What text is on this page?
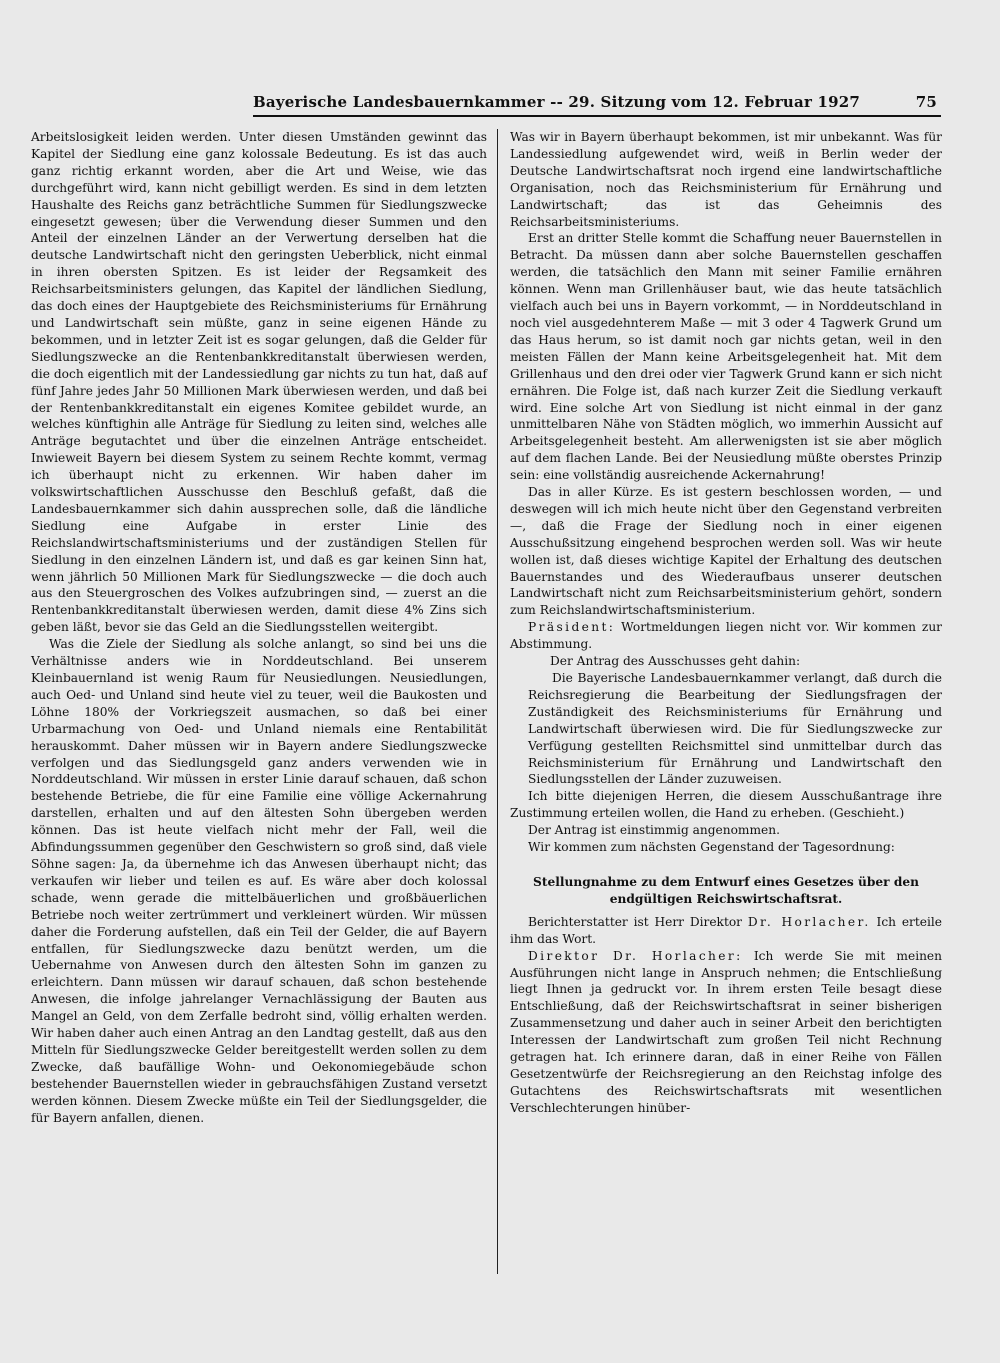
Bayerische Landesbauernkammer -- 29. Sitzung vom 12. Februar 1927	75

Arbeitslosigkeit leiden werden. Unter diesen Umständen gewinnt das Kapitel der Siedlung eine ganz kolossale Bedeutung. Es ist das auch ganz richtig erkannt worden, aber die Art und Weise, wie das durchgeführt wird, kann nicht gebilligt werden. Es sind in dem letzten Haushalte des Reichs ganz beträchtliche Summen für Siedlungszwecke eingesetzt gewesen; über die Verwendung dieser Summen und den Anteil der einzelnen Länder an der Verwertung derselben hat die deutsche Landwirtschaft nicht den geringsten Ueberblick, nicht einmal in ihren obersten Spitzen. Es ist leider der Regsamkeit des Reichsarbeitsministers gelungen, das Kapitel der ländlichen Siedlung, das doch eines der Hauptgebiete des Reichsministeriums für Ernährung und Landwirtschaft sein müßte, ganz in seine eigenen Hände zu bekommen, und in letzter Zeit ist es sogar gelungen, daß die Gelder für Siedlungszwecke an die Rentenbankkreditanstalt überwiesen werden, die doch eigentlich mit der Landessiedlung gar nichts zu tun hat, daß auf fünf Jahre jedes Jahr 50 Millionen Mark überwiesen werden, und daß bei der Rentenbankkreditanstalt ein eigenes Komitee gebildet wurde, an welches künftighin alle Anträge für Siedlung zu leiten sind, welches alle Anträge begutachtet und über die einzelnen Anträge entscheidet. Inwieweit Bayern bei diesem System zu seinem Rechte kommt, vermag ich überhaupt nicht zu erkennen. Wir haben daher im volkswirtschaftlichen Ausschusse den Beschluß gefaßt, daß die Landesbauernkammer sich dahin aussprechen solle, daß die ländliche Siedlung eine Aufgabe in erster Linie des Reichslandwirtschaftsministeriums und der zuständigen Stellen für Siedlung in den einzelnen Ländern ist, und daß es gar keinen Sinn hat, wenn jährlich 50 Millionen Mark für Siedlungszwecke — die doch auch aus den Steuergroschen des Volkes aufzubringen sind, — zuerst an die Rentenbankkreditanstalt überwiesen werden, damit diese 4% Zins sich geben läßt, bevor sie das Geld an die Siedlungsstellen weitergibt.

Was die Ziele der Siedlung als solche anlangt, so sind bei uns die Verhältnisse anders wie in Norddeutschland. Bei unserem Kleinbauernland ist wenig Raum für Neusiedlungen. Neusiedlungen, auch Oed- und Unland sind heute viel zu teuer, weil die Baukosten und Löhne 180% der Vorkriegszeit ausmachen, so daß bei einer Urbarmachung von Oed- und Unland niemals eine Rentabilität herauskommt. Daher müssen wir in Bayern andere Siedlungszwecke verfolgen und das Siedlungsgeld ganz anders verwenden wie in Norddeutschland. Wir müssen in erster Linie darauf schauen, daß schon bestehende Betriebe, die für eine Familie eine völlige Ackernahrung darstellen, erhalten und auf den ältesten Sohn übergeben werden können. Das ist heute vielfach nicht mehr der Fall, weil die Abfindungssummen gegenüber den Geschwistern so groß sind, daß viele Söhne sagen: Ja, da übernehme ich das Anwesen überhaupt nicht; das verkaufen wir lieber und teilen es auf. Es wäre aber doch kolossal schade, wenn gerade die mittelbäuerlichen und großbäuerlichen Betriebe noch weiter zertrümmert und verkleinert würden. Wir müssen daher die Forderung aufstellen, daß ein Teil der Gelder, die auf Bayern entfallen, für Siedlungszwecke dazu benützt werden, um die Uebernahme von Anwesen durch den ältesten Sohn im ganzen zu erleichtern. Dann müssen wir darauf schauen, daß schon bestehende Anwesen, die infolge jahrelanger Vernachlässigung der Bauten aus Mangel an Geld, von dem Zerfalle bedroht sind, völlig erhalten werden. Wir haben daher auch einen Antrag an den Landtag gestellt, daß aus den Mitteln für Siedlungszwecke Gelder bereitgestellt werden sollen zu dem Zwecke, daß baufällige Wohn- und Oekonomiegebäude schon bestehender Bauernstellen wieder in gebrauchsfähigen Zustand versetzt werden können. Diesem Zwecke müßte ein Teil der Siedlungsgelder, die für Bayern anfallen, dienen.

Was wir in Bayern überhaupt bekommen, ist mir unbekannt. Was für Landessiedlung aufgewendet wird, weiß in Berlin weder der Deutsche Landwirtschaftsrat noch irgend eine landwirtschaftliche Organisation, noch das Reichsministerium für Ernährung und Landwirtschaft; das ist das Geheimnis des Reichsarbeitsministeriums.

Erst an dritter Stelle kommt die Schaffung neuer Bauernstellen in Betracht. Da müssen dann aber solche Bauernstellen geschaffen werden, die tatsächlich den Mann mit seiner Familie ernähren können. Wenn man Grillenhäuser baut, wie das heute tatsächlich vielfach auch bei uns in Bayern vorkommt, — in Norddeutschland in noch viel ausgedehnterem Maße — mit 3 oder 4 Tagwerk Grund um das Haus herum, so ist damit noch gar nichts getan, weil in den meisten Fällen der Mann keine Arbeitsgelegenheit hat. Mit dem Grillenhaus und den drei oder vier Tagwerk Grund kann er sich nicht ernähren. Die Folge ist, daß nach kurzer Zeit die Siedlung verkauft wird. Eine solche Art von Siedlung ist nicht einmal in der ganz unmittelbaren Nähe von Städten möglich, wo immerhin Aussicht auf Arbeitsgelegenheit besteht. Am allerwenigsten ist sie aber möglich auf dem flachen Lande. Bei der Neusiedlung müßte oberstes Prinzip sein: eine vollständig ausreichende Ackernahrung!

Das in aller Kürze. Es ist gestern beschlossen worden, — und deswegen will ich mich heute nicht über den Gegenstand verbreiten —, daß die Frage der Siedlung noch in einer eigenen Ausschußsitzung eingehend besprochen werden soll. Was wir heute wollen ist, daß dieses wichtige Kapitel der Erhaltung des deutschen Bauernstandes und des Wiederaufbaus unserer deutschen Landwirtschaft nicht zum Reichsarbeitsministerium gehört, sondern zum Reichslandwirtschaftsministerium.

Präsident: Wortmeldungen liegen nicht vor. Wir kommen zur Abstimmung.

Der Antrag des Ausschusses geht dahin:

Die Bayerische Landesbauernkammer verlangt, daß durch die Reichsregierung die Bearbeitung der Siedlungsfragen der Zuständigkeit des Reichsministeriums für Ernährung und Landwirtschaft überwiesen wird. Die für Siedlungszwecke zur Verfügung gestellten Reichsmittel sind unmittelbar durch das Reichsministerium für Ernährung und Landwirtschaft den Siedlungsstellen der Länder zuzuweisen.

Ich bitte diejenigen Herren, die diesem Ausschußantrage ihre Zustimmung erteilen wollen, die Hand zu erheben. (Geschieht.)

Der Antrag ist einstimmig angenommen.

Wir kommen zum nächsten Gegenstand der Tagesordnung:

Stellungnahme zu dem Entwurf eines Gesetzes über den
endgültigen Reichswirtschaftsrat.

Berichterstatter ist Herr Direktor Dr. Horlacher. Ich erteile ihm das Wort.

Direktor Dr. Horlacher: Ich werde Sie mit meinen Ausführungen nicht lange in Anspruch nehmen; die Entschließung liegt Ihnen ja gedruckt vor. In ihrem ersten Teile besagt diese Entschließung, daß der Reichswirtschaftsrat in seiner bisherigen Zusammensetzung und daher auch in seiner Arbeit den berichtigten Interessen der Landwirtschaft zum großen Teil nicht Rechnung getragen hat. Ich erinnere daran, daß in einer Reihe von Fällen Gesetzentwürfe der Reichsregierung an den Reichstag infolge des Gutachtens des Reichswirtschaftsrats mit wesentlichen Verschlechterungen hinüber-
